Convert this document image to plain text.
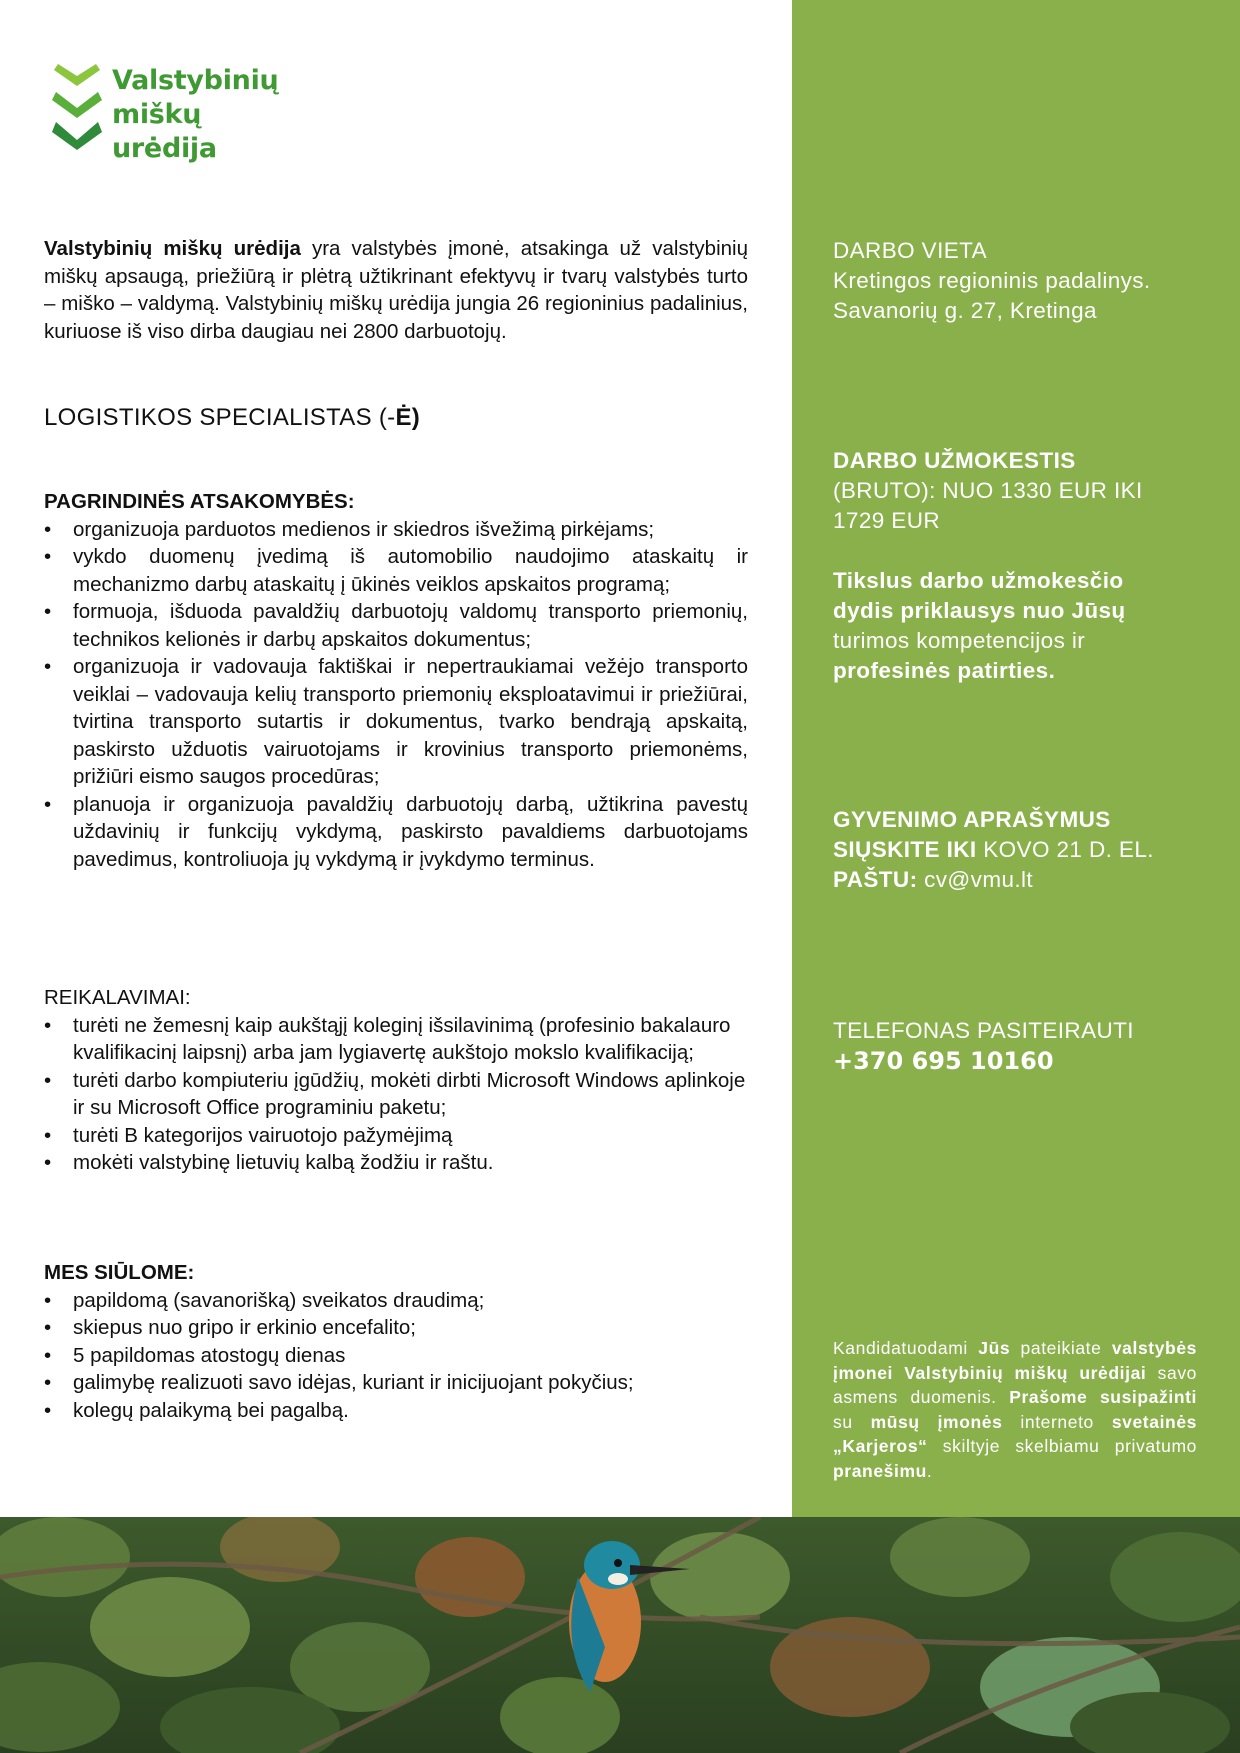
Valstybinių
miškų
urėdija

Valstybinių miškų urėdija yra valstybės įmonė, atsakinga už valstybinių miškų apsaugą, priežiūrą ir plėtrą užtikrinant efektyvų ir tvarų valstybės turto – miško – valdymą. Valstybinių miškų urėdija jungia 26 regioninius padalinius, kuriuose iš viso dirba daugiau nei 2800 darbuotojų.

LOGISTIKOS SPECIALISTAS (-Ė)
PAGRINDINĖS ATSAKOMYBĖS:
• organizuoja parduotos medienos ir skiedros išvežimą pirkėjams;
• vykdo duomenų įvedimą iš automobilio naudojimo ataskaitų ir mechanizmo darbų ataskaitų į ūkinės veiklos apskaitos programą;
• formuoja, išduoda pavaldžių darbuotojų valdomų transporto priemonių, technikos kelionės ir darbų apskaitos dokumentus;
• organizuoja ir vadovauja faktiškai ir nepertraukiamai vežėjo transporto veiklai – vadovauja kelių transporto priemonių eksploatavimui ir priežiūrai, tvirtina transporto sutartis ir dokumentus, tvarko bendrąją apskaitą, paskirsto užduotis vairuotojams ir krovinius transporto priemonėms, prižiūri eismo saugos procedūras;
• planuoja ir organizuoja pavaldžių darbuotojų darbą, užtikrina pavestų uždavinių ir funkcijų vykdymą, paskirsto pavaldiems darbuotojams pavedimus, kontroliuoja jų vykdymą ir įvykdymo terminus.
REIKALAVIMAI:
• turėti ne žemesnį kaip aukštąjį koleginį išsilavinimą (profesinio bakalauro kvalifikacinį laipsnį) arba jam lygiavertę aukštojo mokslo kvalifikaciją;
• turėti darbo kompiuteriu įgūdžių, mokėti dirbti Microsoft Windows aplinkoje ir su Microsoft Office programiniu paketu;
• turėti B kategorijos vairuotojo pažymėjimą
• mokėti valstybinę lietuvių kalbą žodžiu ir raštu.
MES SIŪLOME:
• papildomą (savanorišką) sveikatos draudimą;
• skiepus nuo gripo ir erkinio encefalito;
• 5 papildomas atostogų dienas
• galimybę realizuoti savo idėjas, kuriant ir inicijuojant pokyčius;
• kolegų palaikymą bei pagalbą.
DARBO VIETA
Kretingos regioninis padalinys.
Savanorių g. 27, Kretinga
DARBO UŽMOKESTIS
(BRUTO): NUO 1330 EUR IKI
1729 EUR
Tikslus darbo užmokesčio dydis priklausys nuo Jūsų turimos kompetencijos ir profesinės patirties.
GYVENIMO APRAŠYMUS
SIŲSKITE IKI KOVO 21 D. EL.
PAŠTU: cv@vmu.lt
TELEFONAS PASITEIRAUTI
+370 695 10160

Kandidatuodami Jūs pateikiate valstybės įmonei Valstybinių miškų urėdijai savo asmens duomenis. Prašome susipažinti su mūsų įmonės interneto svetainės „Karjeros“ skiltyje skelbiamu privatumo pranešimu.
